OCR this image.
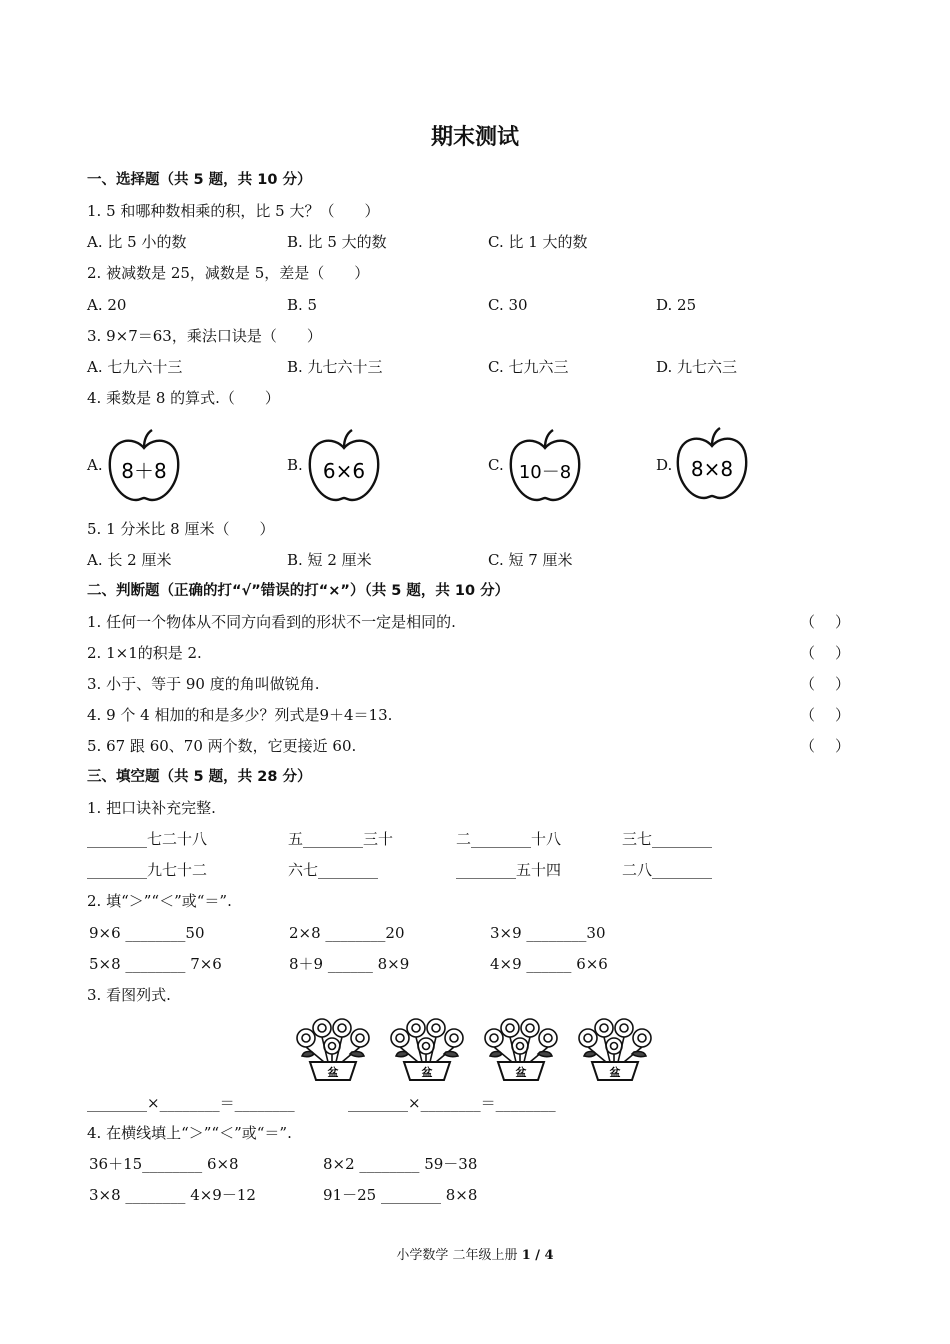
期末测试
一、选择题（共 5 题，共 10 分）
1. 5 和哪种数相乘的积，比 5 大？（　　）
A. 比 5 小的数	B. 比 5 大的数	C. 比 1 大的数
2. 被减数是 25，减数是 5，差是（　　）
A. 20	B. 5	C. 30	D. 25
3. 9×7＝63，乘法口诀是（　　）
A. 七九六十三	B. 九七六十三	C. 七九六三	D. 九七六三
4. 乘数是 8 的算式.（　　）
A. 8＋8	B. 6×6	C. 10－8	D. 8×8
5. 1 分米比 8 厘米（　　）
A. 长 2 厘米	B. 短 2 厘米	C. 短 7 厘米
二、判断题（正确的打“√”错误的打“×”）（共 5 题，共 10 分）
1. 任何一个物体从不同方向看到的形状不一定是相同的.	（ ）
2. 1×1的积是 2.	（ ）
3. 小于、等于 90 度的角叫做锐角.	（ ）
4. 9 个 4 相加的和是多少？列式是9＋4＝13.	（ ）
5. 67 跟 60、70 两个数，它更接近 60.	（ ）
三、填空题（共 5 题，共 28 分）
1. 把口诀补充完整.
________七二十八	五________三十	二________十八	三七________
________九七十二	六七________	________五十四	二八________
2. 填“＞”“＜”或“＝”.
9×6 ________50	2×8 ________20	3×9 ________30
5×8 ________ 7×6	8＋9 ______ 8×9	4×9 ______ 6×6
3. 看图列式.
盆	盆	盆	盆
________×________＝________	________×________＝________
4. 在横线填上“＞”“＜”或“＝”.
36＋15________ 6×8	8×2 ________ 59－38
3×8 ________ 4×9－12	91－25 ________ 8×8
小学数学 二年级上册 1 / 4
